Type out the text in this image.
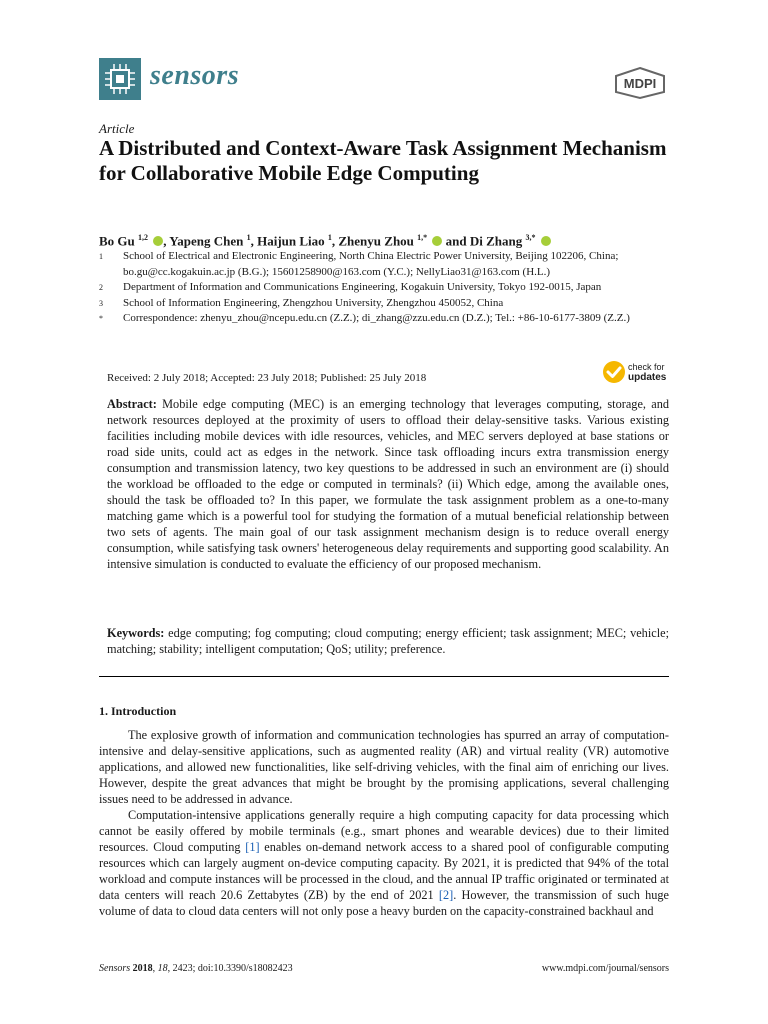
sensors	MDPI
Article
A Distributed and Context-Aware Task Assignment Mechanism for Collaborative Mobile Edge Computing
Bo Gu $^{1,2}$ , Yapeng Chen $^1$, Haijun Liao $^1$, Zhenyu Zhou $^{1,*}$ and Di Zhang $^{3,*}$
1	School of Electrical and Electronic Engineering, North China Electric Power University, Beijing 102206, China; bo.gu@cc.kogakuin.ac.jp (B.G.); 15601258900@163.com (Y.C.); NellyLiao31@163.com (H.L.)
2	Department of Information and Communications Engineering, Kogakuin University, Tokyo 192-0015, Japan
3	School of Information Engineering, Zhengzhou University, Zhengzhou 450052, China
*	Correspondence: zhenyu_zhou@ncepu.edu.cn (Z.Z.); di_zhang@zzu.edu.cn (D.Z.); Tel.: +86-10-6177-3809 (Z.Z.)
Received: 2 July 2018; Accepted: 23 July 2018; Published: 25 July 2018
check for
updates
Abstract: Mobile edge computing (MEC) is an emerging technology that leverages computing, storage, and network resources deployed at the proximity of users to offload their delay-sensitive tasks. Various existing facilities including mobile devices with idle resources, vehicles, and MEC servers deployed at base stations or road side units, could act as edges in the network. Since task offloading incurs extra transmission energy consumption and transmission latency, two key questions to be addressed in such an environment are (i) should the workload be offloaded to the edge or computed in terminals? (ii) Which edge, among the available ones, should the task be offloaded to? In this paper, we formulate the task assignment problem as a one-to-many matching game which is a powerful tool for studying the formation of a mutual beneficial relationship between two sets of agents. The main goal of our task assignment mechanism design is to reduce overall energy consumption, while satisfying task owners' heterogeneous delay requirements and supporting good scalability. An intensive simulation is conducted to evaluate the efficiency of our proposed mechanism.
Keywords: edge computing; fog computing; cloud computing; energy efficient; task assignment; MEC; vehicle; matching; stability; intelligent computation; QoS; utility; preference.
1. Introduction

The explosive growth of information and communication technologies has spurred an array of computation-intensive and delay-sensitive applications, such as augmented reality (AR) and virtual reality (VR) automotive applications, and allowed new functionalities, like self-driving vehicles, with the final aim of enriching our lives. However, despite the great advances that might be brought by the promising applications, several challenging issues need to be addressed in advance.

Computation-intensive applications generally require a high computing capacity for data processing which cannot be easily offered by mobile terminals (e.g., smart phones and wearable devices) due to their limited resources. Cloud computing [1] enables on-demand network access to a shared pool of configurable computing resources which can largely augment on-device computing capacity. By 2021, it is predicted that 94% of the total workload and compute instances will be processed in the cloud, and the annual IP traffic originated or terminated at data centers will reach 20.6 Zettabytes (ZB) by the end of 2021 [2]. However, the transmission of such huge volume of data to cloud data centers will not only pose a heavy burden on the capacity-constrained backhaul and

Sensors 2018, 18, 2423; doi:10.3390/s18082423	www.mdpi.com/journal/sensors
